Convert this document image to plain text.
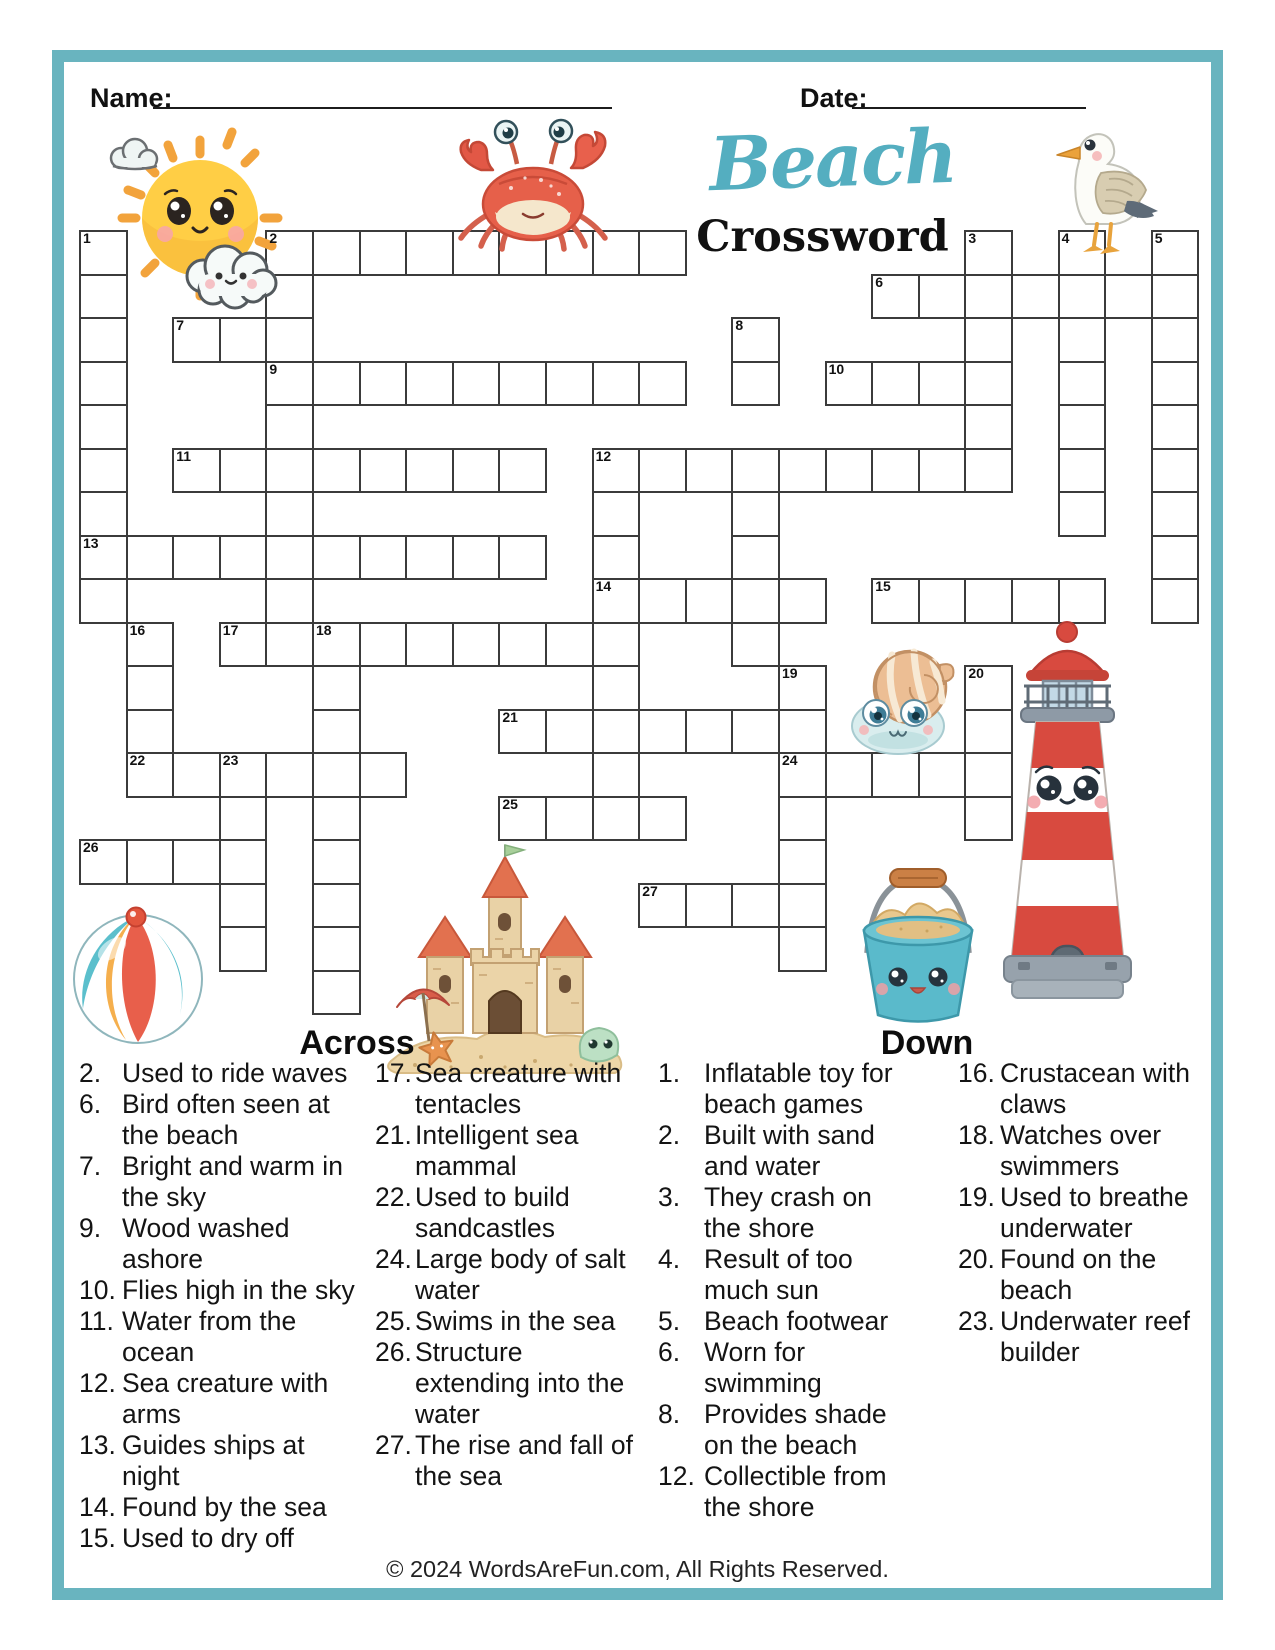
Name:	Date:
Beach
Crossword
1	2	3	4	5
6
7	8
9	10
11	12
13
14	15
16	17	18
19	20
21
22	23	24
25
26
27
Across	Down
2. Used to ride waves
6. Bird often seen at
the beach
7. Bright and warm in
the sky
9. Wood washed
ashore
10. Flies high in the sky
11. Water from the
ocean
12. Sea creature with
arms
13. Guides ships at
night
14. Found by the sea
15. Used to dry off
17. Sea creature with
tentacles
21. Intelligent sea
mammal
22. Used to build
sandcastles
24. Large body of salt
water
25. Swims in the sea
26. Structure
extending into the
water
27. The rise and fall of
the sea
1. Inflatable toy for
beach games
2. Built with sand
and water
3. They crash on
the shore
4. Result of too
much sun
5. Beach footwear
6. Worn for
swimming
8. Provides shade
on the beach
12. Collectible from
the shore
16. Crustacean with
claws
18. Watches over
swimmers
19. Used to breathe
underwater
20. Found on the
beach
23. Underwater reef
builder
© 2024 WordsAreFun.com, All Rights Reserved.
